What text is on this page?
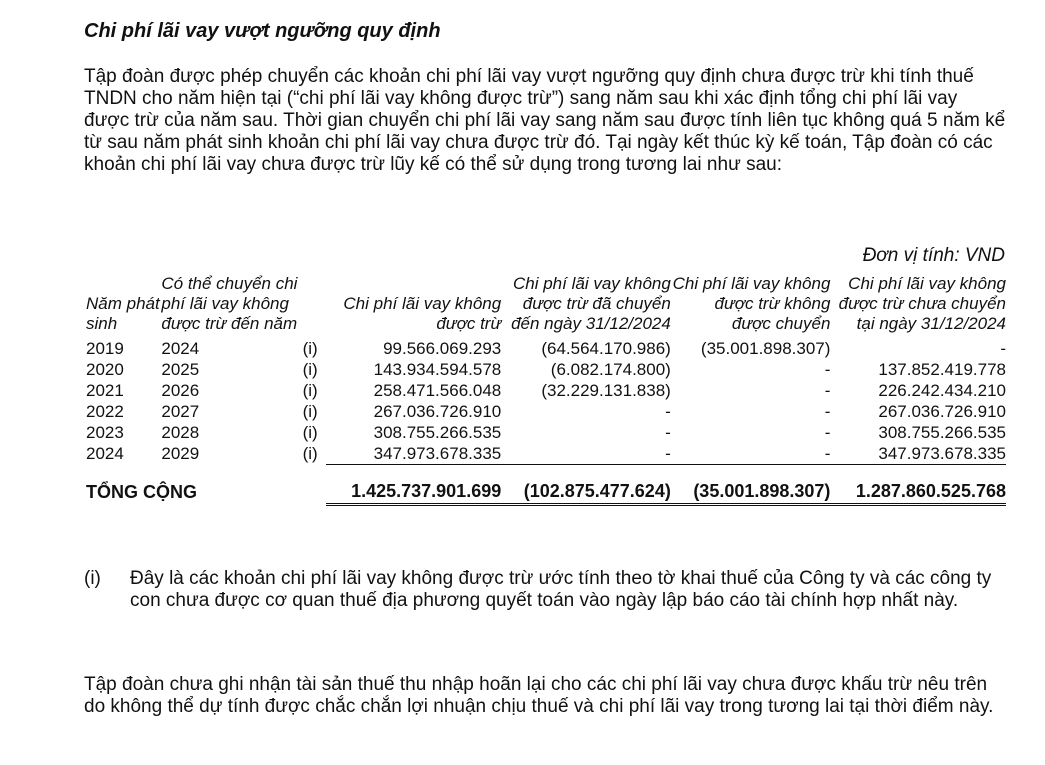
Chi phí lãi vay vượt ngưỡng quy định
Tập đoàn được phép chuyển các khoản chi phí lãi vay vượt ngưỡng quy định chưa được trừ khi tính thuế TNDN cho năm hiện tại (“chi phí lãi vay không được trừ”) sang năm sau khi xác định tổng chi phí lãi vay được trừ của năm sau. Thời gian chuyển chi phí lãi vay sang năm sau được tính liên tục không quá 5 năm kể từ sau năm phát sinh khoản chi phí lãi vay chưa được trừ đó. Tại ngày kết thúc kỳ kế toán, Tập đoàn có các khoản chi phí lãi vay chưa được trừ lũy kế có thể sử dụng trong tương lai như sau:
Đơn vị tính: VND
Năm phát sinh	Có thể chuyển chi phí lãi vay không được trừ đến năm		Chi phí lãi vay không được trừ	Chi phí lãi vay không được trừ đã chuyển đến ngày 31/12/2024	Chi phí lãi vay không được trừ không được chuyển	Chi phí lãi vay không được trừ chưa chuyển tại ngày 31/12/2024
2019	2024	(i)	99.566.069.293	(64.564.170.986)	(35.001.898.307)	-
2020	2025	(i)	143.934.594.578	(6.082.174.800)	-	137.852.419.778
2021	2026	(i)	258.471.566.048	(32.229.131.838)	-	226.242.434.210
2022	2027	(i)	267.036.726.910	-	-	267.036.726.910
2023	2028	(i)	308.755.266.535	-	-	308.755.266.535
2024	2029	(i)	347.973.678.335	-	-	347.973.678.335

TỔNG CỘNG			1.425.737.901.699	(102.875.477.624)	(35.001.898.307)	1.287.860.525.768
(i) Đây là các khoản chi phí lãi vay không được trừ ước tính theo tờ khai thuế của Công ty và các công ty con chưa được cơ quan thuế địa phương quyết toán vào ngày lập báo cáo tài chính hợp nhất này.
Tập đoàn chưa ghi nhận tài sản thuế thu nhập hoãn lại cho các chi phí lãi vay chưa được khấu trừ nêu trên do không thể dự tính được chắc chắn lợi nhuận chịu thuế và chi phí lãi vay trong tương lai tại thời điểm này.
